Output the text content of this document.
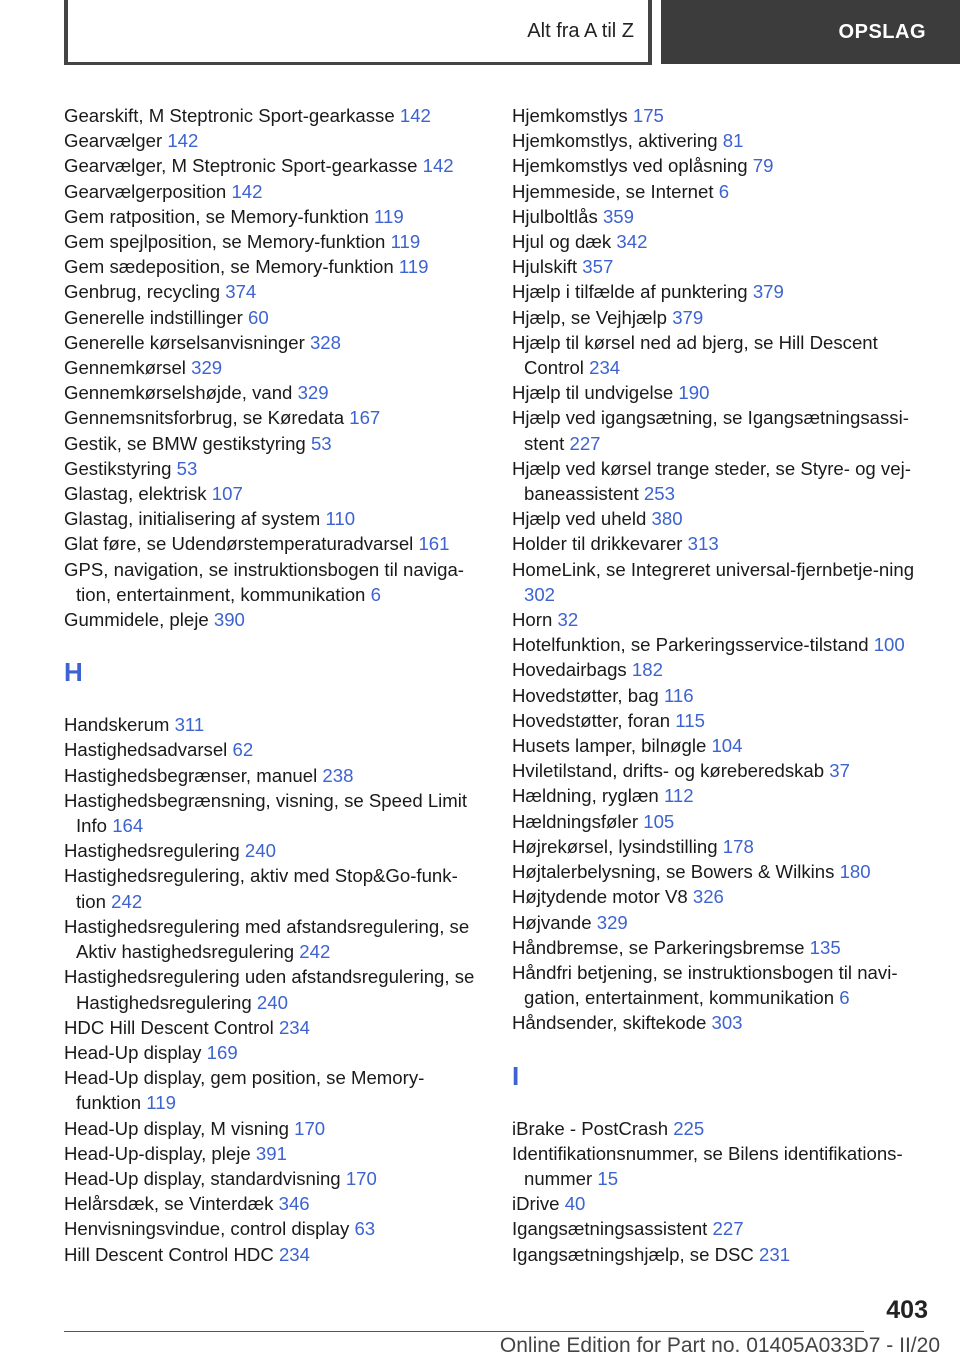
Alt fra A til Z	OPSLAG
Gearskift, M Steptronic Sport-gearkasse 142
Gearvælger 142
Gearvælger, M Steptronic Sport-gearkasse 142
Gearvælgerposition 142
Gem ratposition, se Memory-funktion 119
Gem spejlposition, se Memory-funktion 119
Gem sædeposition, se Memory-funktion 119
Genbrug, recycling 374
Generelle indstillinger 60
Generelle kørselsanvisninger 328
Gennemkørsel 329
Gennemkørselshøjde, vand 329
Gennemsnitsforbrug, se Køredata 167
Gestik, se BMW gestikstyring 53
Gestikstyring 53
Glastag, elektrisk 107
Glastag, initialisering af system 110
Glat føre, se Udendørstemperaturadvarsel 161
GPS, navigation, se instruktionsbogen til naviga-tion, entertainment, kommunikation 6
Gummidele, pleje 390
H
Handskerum 311
Hastighedsadvarsel 62
Hastighedsbegrænser, manuel 238
Hastighedsbegrænsning, visning, se Speed Limit Info 164
Hastighedsregulering 240
Hastighedsregulering, aktiv med Stop&Go-funk-tion 242
Hastighedsregulering med afstandsregulering, se Aktiv hastighedsregulering 242
Hastighedsregulering uden afstandsregulering, se Hastighedsregulering 240
HDC Hill Descent Control 234
Head-Up display 169
Head-Up display, gem position, se Memory-funktion 119
Head-Up display, M visning 170
Head-Up-display, pleje 391
Head-Up display, standardvisning 170
Helårsdæk, se Vinterdæk 346
Henvisningsvindue, control display 63
Hill Descent Control HDC 234
Hjemkomstlys 175
Hjemkomstlys, aktivering 81
Hjemkomstlys ved oplåsning 79
Hjemmeside, se Internet 6
Hjulboltlås 359
Hjul og dæk 342
Hjulskift 357
Hjælp i tilfælde af punktering 379
Hjælp, se Vejhjælp 379
Hjælp til kørsel ned ad bjerg, se Hill Descent Control 234
Hjælp til undvigelse 190
Hjælp ved igangsætning, se Igangsætningsassi-stent 227
Hjælp ved kørsel trange steder, se Styre- og vej-baneassistent 253
Hjælp ved uheld 380
Holder til drikkevarer 313
HomeLink, se Integreret universal-fjernbetje-ning 302
Horn 32
Hotelfunktion, se Parkeringsservice-tilstand 100
Hovedairbags 182
Hovedstøtter, bag 116
Hovedstøtter, foran 115
Husets lamper, bilnøgle 104
Hviletilstand, drifts- og køreberedskab 37
Hældning, ryglæn 112
Hældningsføler 105
Højrekørsel, lysindstilling 178
Højtalerbelysning, se Bowers & Wilkins 180
Højtydende motor V8 326
Højvande 329
Håndbremse, se Parkeringsbremse 135
Håndfri betjening, se instruktionsbogen til navi-gation, entertainment, kommunikation 6
Håndsender, skiftekode 303
I
iBrake - PostCrash 225
Identifikationsnummer, se Bilens identifikations-nummer 15
iDrive 40
Igangsætningsassistent 227
Igangsætningshjælp, se DSC 231
403
Online Edition for Part no. 01405A033D7 - II/20
